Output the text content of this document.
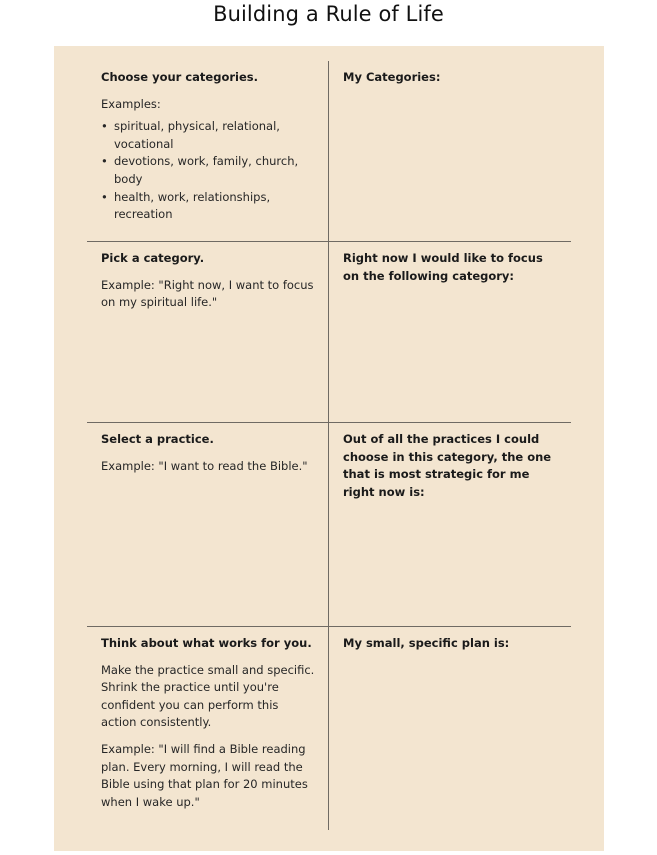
Building a Rule of Life

Choose your categories.

Examples:

• spiritual, physical, relational, vocational
• devotions, work, family, church, body
• health, work, relationships, recreation

My Categories:

Pick a category.

Example: "Right now, I want to focus on my spiritual life."

Right now I would like to focus on the following category:

Select a practice.

Example: "I want to read the Bible."

Out of all the practices I could choose in this category, the one that is most strategic for me right now is:

Think about what works for you.

Make the practice small and specific. Shrink the practice until you're confident you can perform this action consistently.

Example: "I will find a Bible reading plan. Every morning, I will read the Bible using that plan for 20 minutes when I wake up."

My small, specific plan is:
